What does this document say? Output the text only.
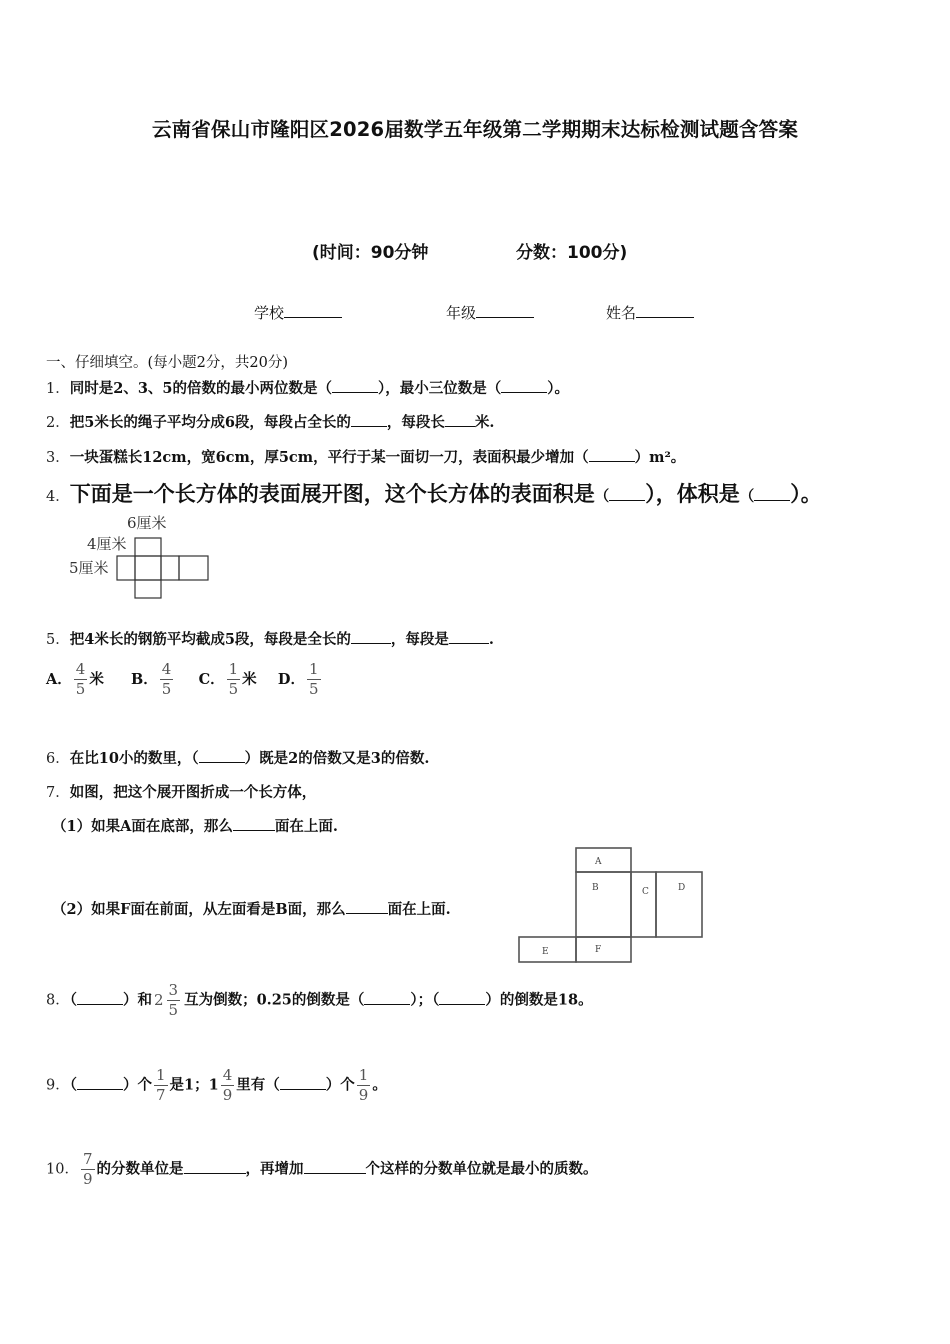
云南省保山市隆阳区2026届数学五年级第二学期期末达标检测试题含答案
(时间：90分钟	分数：100分)
学校	年级	姓名
一、仔细填空。(每小题2分，共20分)
1．同时是2、3、5的倍数的最小两位数是（	），最小三位数是（	）。
2．把5米长的绳子平均分成6段，每段占全长的 ，每段长 米.
3．一块蛋糕长12cm，宽6cm，厚5cm，平行于某一面切一刀，表面积最少增加（	）m²。
4．下面是一个长方体的表面展开图，这个长方体的表面积是（ ），体积是（ ）。
6厘米
4厘米
5厘米
5．把4米长的钢筋平均截成5段，每段是全长的	，每段是	.
A． $\frac{4}{5}$ 米 B． $\frac{4}{5}$ C． $\frac{1}{5}$ 米 D． $\frac{1}{5}$
6．在比10小的数里，（	）既是2的倍数又是3的倍数.
7．如图，把这个展开图折成一个长方体，
（1）如果A面在底部，那么	面在上面.
（2）如果F面在前面，从左面看是B面，那么	面在上面.
A
B	C	D
E	F
8．（	）和 $2 \frac{3}{5}$ 互为倒数；0.25的倒数是（	）；（	）的倒数是18。
9．（	）个 $\frac{1}{7}$ 是1；$1 \frac{4}{9}$ 里有（	）个 $\frac{1}{9}$ 。
10． $\frac{7}{9}$ 的分数单位是	，再增加	个这样的分数单位就是最小的质数。
